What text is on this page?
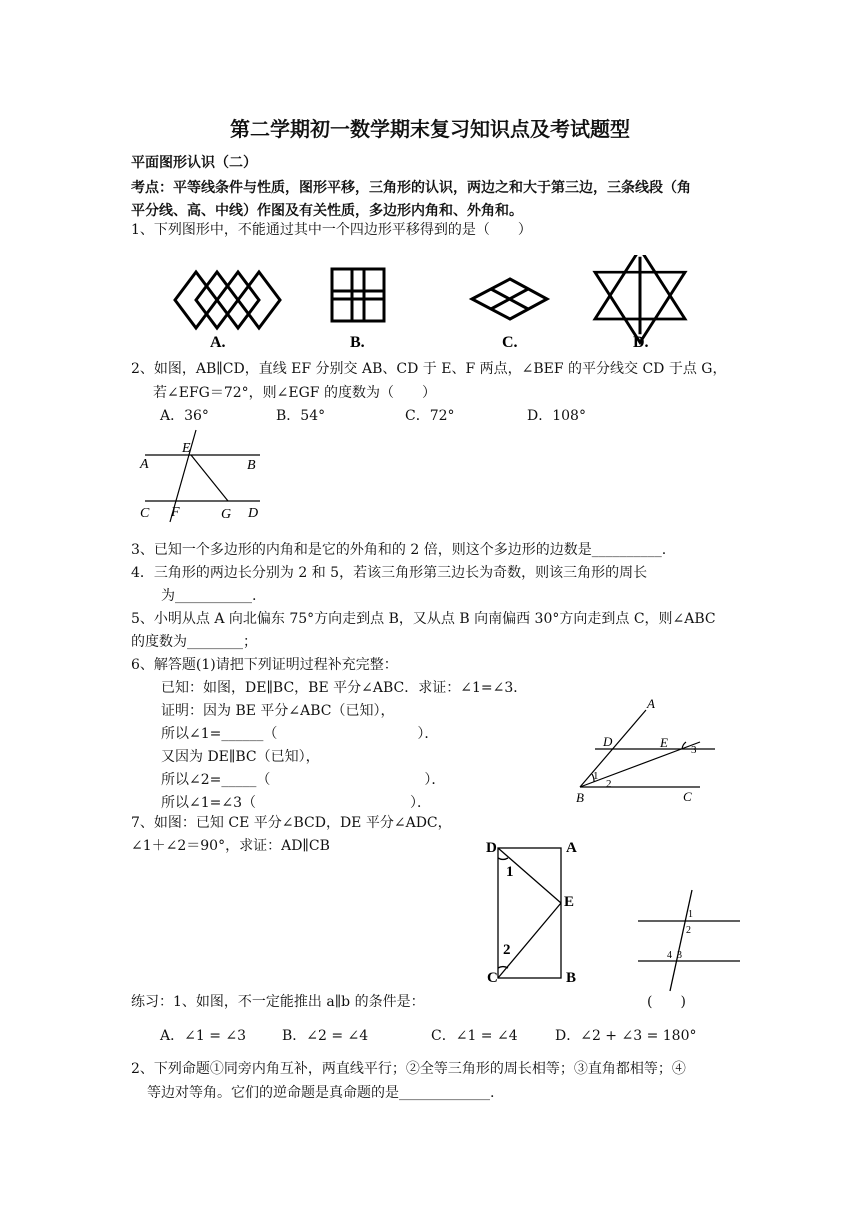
第二学期初一数学期末复习知识点及考试题型
平面图形认识（二）
考点：平等线条件与性质，图形平移，三角形的认识，两边之和大于第三边，三条线段（角
平分线、高、中线）作图及有关性质，多边形内角和、外角和。
1、下列图形中，不能通过其中一个四边形平移得到的是（　　）
A.	B.	C.	D.
2、如图，AB∥CD，直线 EF 分别交 AB、CD 于 E、F 两点，∠BEF 的平分线交 CD 于点 G，
若∠EFG＝72°，则∠EGF 的度数为（　　）
A．36°	B．54°	C．72°	D．108°
A	B
E
C F	G D
3、已知一个多边形的内角和是它的外角和的 2 倍，则这个多边形的边数是__________.
4．三角形的两边长分别为 2 和 5，若该三角形第三边长为奇数，则该三角形的周长
为___________.
5、小明从点 A 向北偏东 75°方向走到点 B，又从点 B 向南偏西 30°方向走到点 C，则∠ABC
的度数为________；
6、解答题(1)请把下列证明过程补充完整：
已知：如图，DE∥BC，BE 平分∠ABC．求证：∠1=∠3．
证明：因为 BE 平分∠ABC（已知），
所以∠1=______（　　　　　　　　　　）．
又因为 DE∥BC（已知），
所以∠2=_____（　　　　　　　　　　　）．
所以∠1=∠3（　　　　　　　　　　　）．
A
B	C
D	E
1
2
3
7、如图：已知 CE 平分∠BCD，DE 平分∠ADC，
∠1＋∠2＝90°，求证：AD∥CB	D	A
E
C	B
1
2
1
2
3
4
练习：1、如图，不一定能推出 a∥b 的条件是：	(　　)
A．∠1 = ∠3	B．∠2 = ∠4	C．∠1 = ∠4	D．∠2 + ∠3 = 180°
2、下列命题①同旁内角互补，两直线平行；②全等三角形的周长相等；③直角都相等；④
等边对等角。它们的逆命题是真命题的是_____________.
